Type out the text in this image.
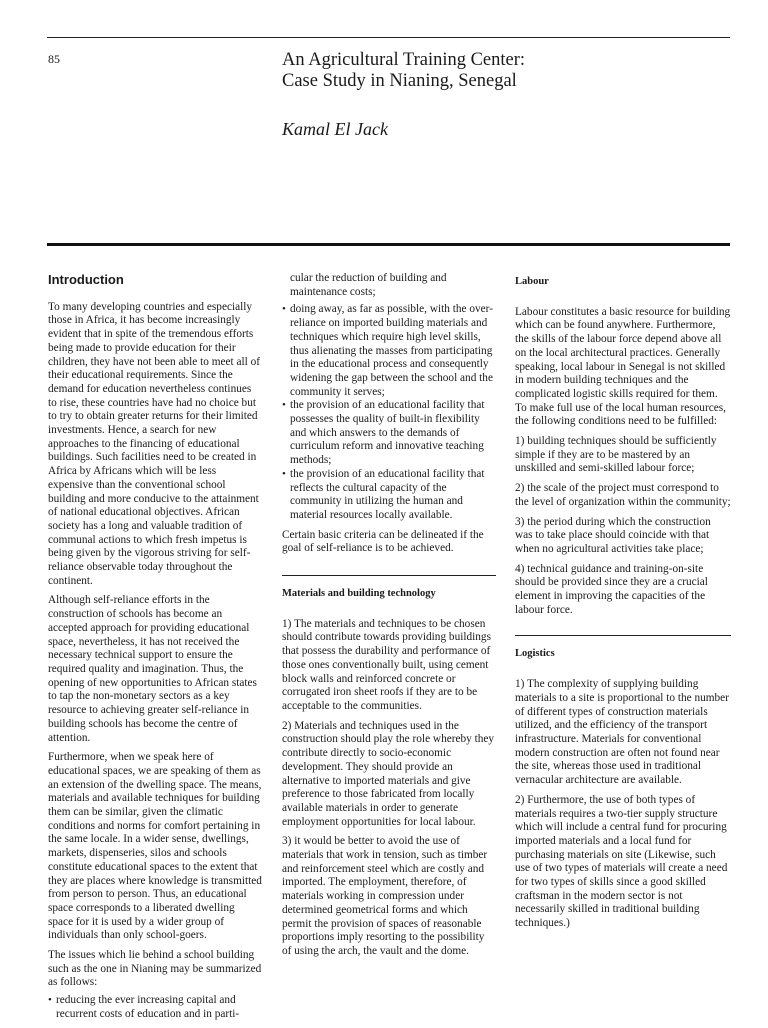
85	An Agricultural Training Center:
Case Study in Nianing, Senegal
Kamal El Jack
Introduction

To many developing countries and especially those in Africa, it has become increasingly evident that in spite of the tremendous efforts being made to provide education for their children, they have not been able to meet all of their educational requirements. Since the demand for education nevertheless continues to rise, these countries have had no choice but to try to obtain greater returns for their limited investments. Hence, a search for new approaches to the financing of educational buildings. Such facilities need to be created in Africa by Africans which will be less expensive than the conventional school building and more conducive to the attainment of national educational objectives. African society has a long and valuable tradition of communal actions to which fresh impetus is being given by the vigorous striving for self-reliance observable today throughout the continent.

Although self-reliance efforts in the construction of schools has become an accepted approach for providing educational space, nevertheless, it has not received the necessary technical support to ensure the required quality and imagination. Thus, the opening of new opportunities to African states to tap the non-monetary sectors as a key resource to achieving greater self-reliance in building schools has become the centre of attention.

Furthermore, when we speak here of educational spaces, we are speaking of them as an extension of the dwelling space. The means, materials and available techniques for building them can be similar, given the climatic conditions and norms for comfort pertaining in the same locale. In a wider sense, dwellings, markets, dispenseries, silos and schools constitute educational spaces to the extent that they are places where knowledge is transmitted from person to person. Thus, an educational space corresponds to a liberated dwelling space for it is used by a wider group of individuals than only school-goers.

The issues which lie behind a school building such as the one in Nianing may be summarized as follows:

• reducing the ever increasing capital and recurrent costs of education and in parti-

cular the reduction of building and maintenance costs;

• doing away, as far as possible, with the over-reliance on imported building materials and techniques which require high level skills, thus alienating the masses from participating in the educational process and consequently widening the gap between the school and the community it serves;
• the provision of an educational facility that possesses the quality of built-in flexibility and which answers to the demands of curriculum reform and innovative teaching methods;
• the provision of an educational facility that reflects the cultural capacity of the community in utilizing the human and material resources locally available.

Certain basic criteria can be delineated if the goal of self-reliance is to be achieved.

Materials and building technology

1) The materials and techniques to be chosen should contribute towards providing buildings that possess the durability and performance of those ones conventionally built, using cement block walls and reinforced concrete or corrugated iron sheet roofs if they are to be acceptable to the communities.

2) Materials and techniques used in the construction should play the role whereby they contribute directly to socio-economic development. They should provide an alternative to imported materials and give preference to those fabricated from locally available materials in order to generate employment opportunities for local labour.

3) it would be better to avoid the use of materials that work in tension, such as timber and reinforcement steel which are costly and imported. The employment, therefore, of materials working in compression under determined geometrical forms and which permit the provision of spaces of reasonable proportions imply resorting to the possibility of using the arch, the vault and the dome.

Labour

Labour constitutes a basic resource for building which can be found anywhere. Furthermore, the skills of the labour force depend above all on the local architectural practices. Generally speaking, local labour in Senegal is not skilled in modern building techniques and the complicated logistic skills required for them. To make full use of the local human resources, the following conditions need to be fulfilled:

1) building techniques should be sufficiently simple if they are to be mastered by an unskilled and semi-skilled labour force;

2) the scale of the project must correspond to the level of organization within the community;

3) the period during which the construction was to take place should coincide with that when no agricultural activities take place;

4) technical guidance and training-on-site should be provided since they are a crucial element in improving the capacities of the labour force.

Logistics

1) The complexity of supplying building materials to a site is proportional to the number of different types of construction materials utilized, and the efficiency of the transport infrastructure. Materials for conventional modern construction are often not found near the site, whereas those used in traditional vernacular architecture are available.

2) Furthermore, the use of both types of materials requires a two-tier supply structure which will include a central fund for procuring imported materials and a local fund for purchasing materials on site (Likewise, such use of two types of materials will create a need for two types of skills since a good skilled craftsman in the modern sector is not necessarily skilled in traditional building techniques.)
